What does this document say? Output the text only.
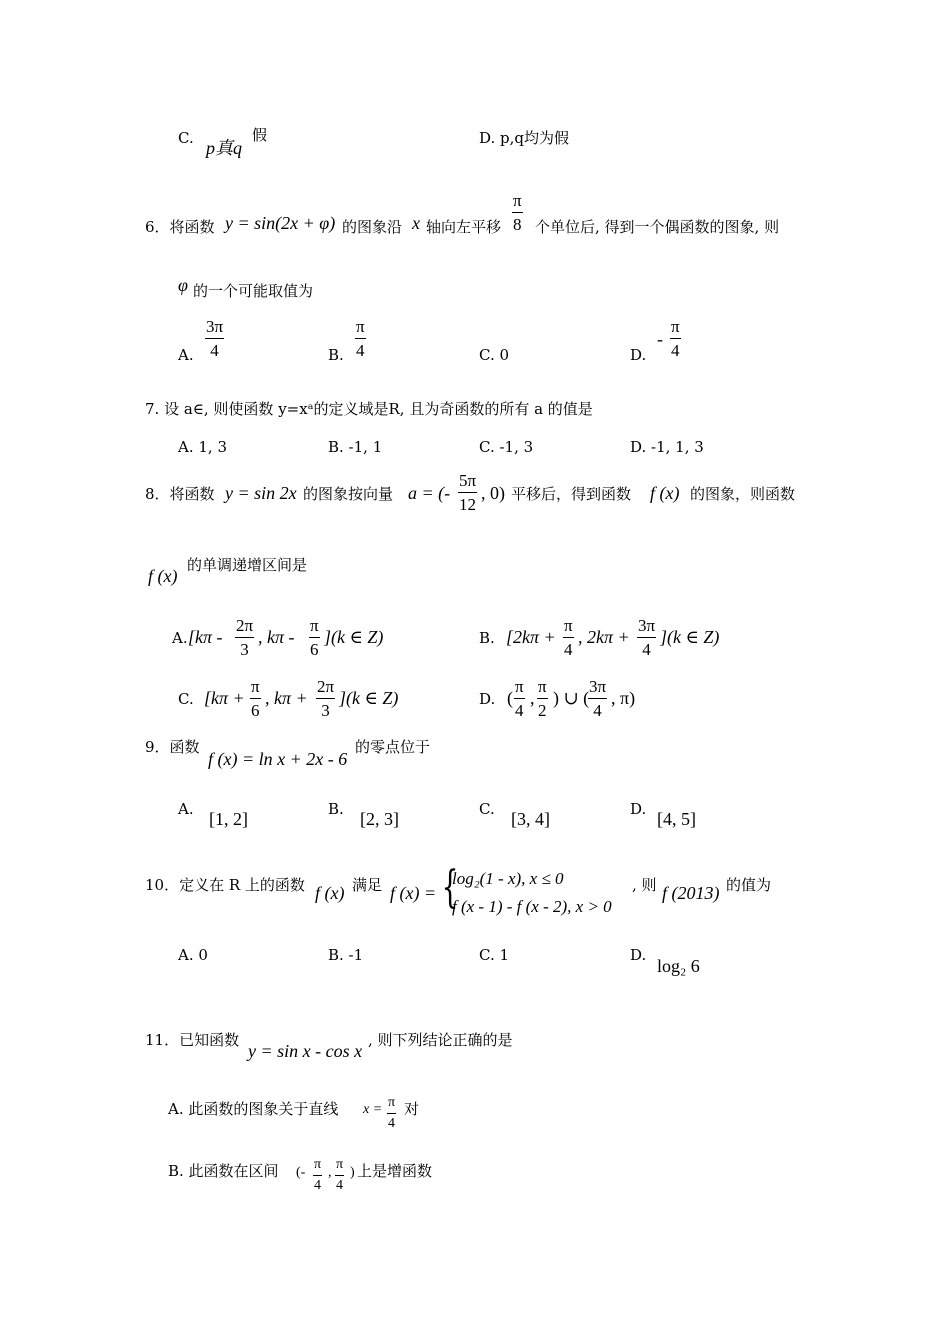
C. p真q
假	D. p,q均为假
6．将函数 y = sin(2x + φ) 的图象沿 x 轴向左平移 $\frac{\pi}{8}$ 个单位后, 得到一个偶函数的图象, 则
φ 的一个可能取值为
A. $\frac{3\pi}{4}$	B. $\frac{\pi}{4}$	C. 0	D.
- $\frac{\pi}{4}$
7. 设 a∈, 则使函数 y=xᵃ的定义域是R, 且为奇函数的所有 a 的值是
A. 1, 3	B. -1, 1	C. -1, 3	D. -1, 1, 3
8．将函数 y = sin 2x 的图象按向量 a = (- $\frac{5\pi}{12}$ , 0) 平移后，得到函数 f (x) 的图象，则函数
f (x)
的单调递增区间是
A. [$k\pi - \frac{2\pi}{3}$ , kπ - $\frac{\pi}{6} ](k$ ∈ Z)	B. [$2k\pi + \frac{\pi}{4}$ , $2k\pi + \frac{3\pi}{4} ](k$ ∈ Z)
C. [$k\pi + \frac{\pi}{6}$ , $k\pi + \frac{2\pi}{3} ](k$ ∈ Z)	D. ( $\frac{\pi}{4}$ , $\frac{\pi}{2}$ ) ∪ (
$\frac{3\pi}{4}$ , π)
9．函数
f (x) = ln x + 2x - 6
的零点位于
A. [1, 2]	B. [2, 3]	C. [3, 4]	D. [4, 5]
10．定义在 R 上的函数 f (x) 满足 f (x) = {
log₂(1 - x), x ≤ 0
f (x - 1) - f (x - 2), x > 0
, 则 f (2013) 的值为
A. 0	B. -1	C. 1	D.
log₂ 6
11．已知函数
y = sin x - cos x
, 则下列结论正确的是
A. 此函数的图象关于直线 $x = \frac{\pi}{4}$ 对
B. 此函数在区间 (- $\frac{\pi}{4}$ , $\frac{\pi}{4}$ ) 上是增函数
